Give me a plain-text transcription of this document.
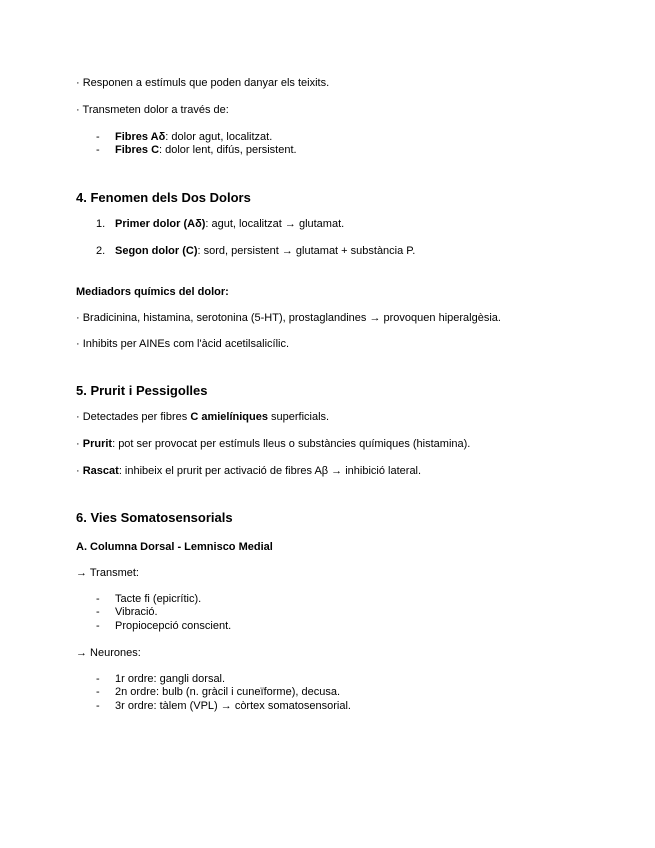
· Responen a estímuls que poden danyar els teixits.
· Transmeten dolor a través de:
- Fibres Aδ: dolor agut, localitzat.
- Fibres C: dolor lent, difús, persistent.
4. Fenomen dels Dos Dolors
1. Primer dolor (Aδ): agut, localitzat → glutamat.
2. Segon dolor (C): sord, persistent → glutamat + substància P.
Mediadors químics del dolor:
· Bradicinina, histamina, serotonina (5-HT), prostaglandines → provoquen hiperalgèsia.
· Inhibits per AINEs com l'àcid acetilsalicílic.
5. Prurit i Pessigolles
· Detectades per fibres C amielíniques superficials.
· Prurit: pot ser provocat per estímuls lleus o substàncies químiques (histamina).
· Rascat: inhibeix el prurit per activació de fibres Aβ → inhibició lateral.
6. Vies Somatosensorials
A. Columna Dorsal - Lemnisco Medial
→ Transmet:
- Tacte fi (epicrític).
- Vibració.
- Propiocepció conscient.
→ Neurones:
- 1r ordre: gangli dorsal.
- 2n ordre: bulb (n. gràcil i cuneïforme), decusa.
- 3r ordre: tàlem (VPL) → còrtex somatosensorial.
